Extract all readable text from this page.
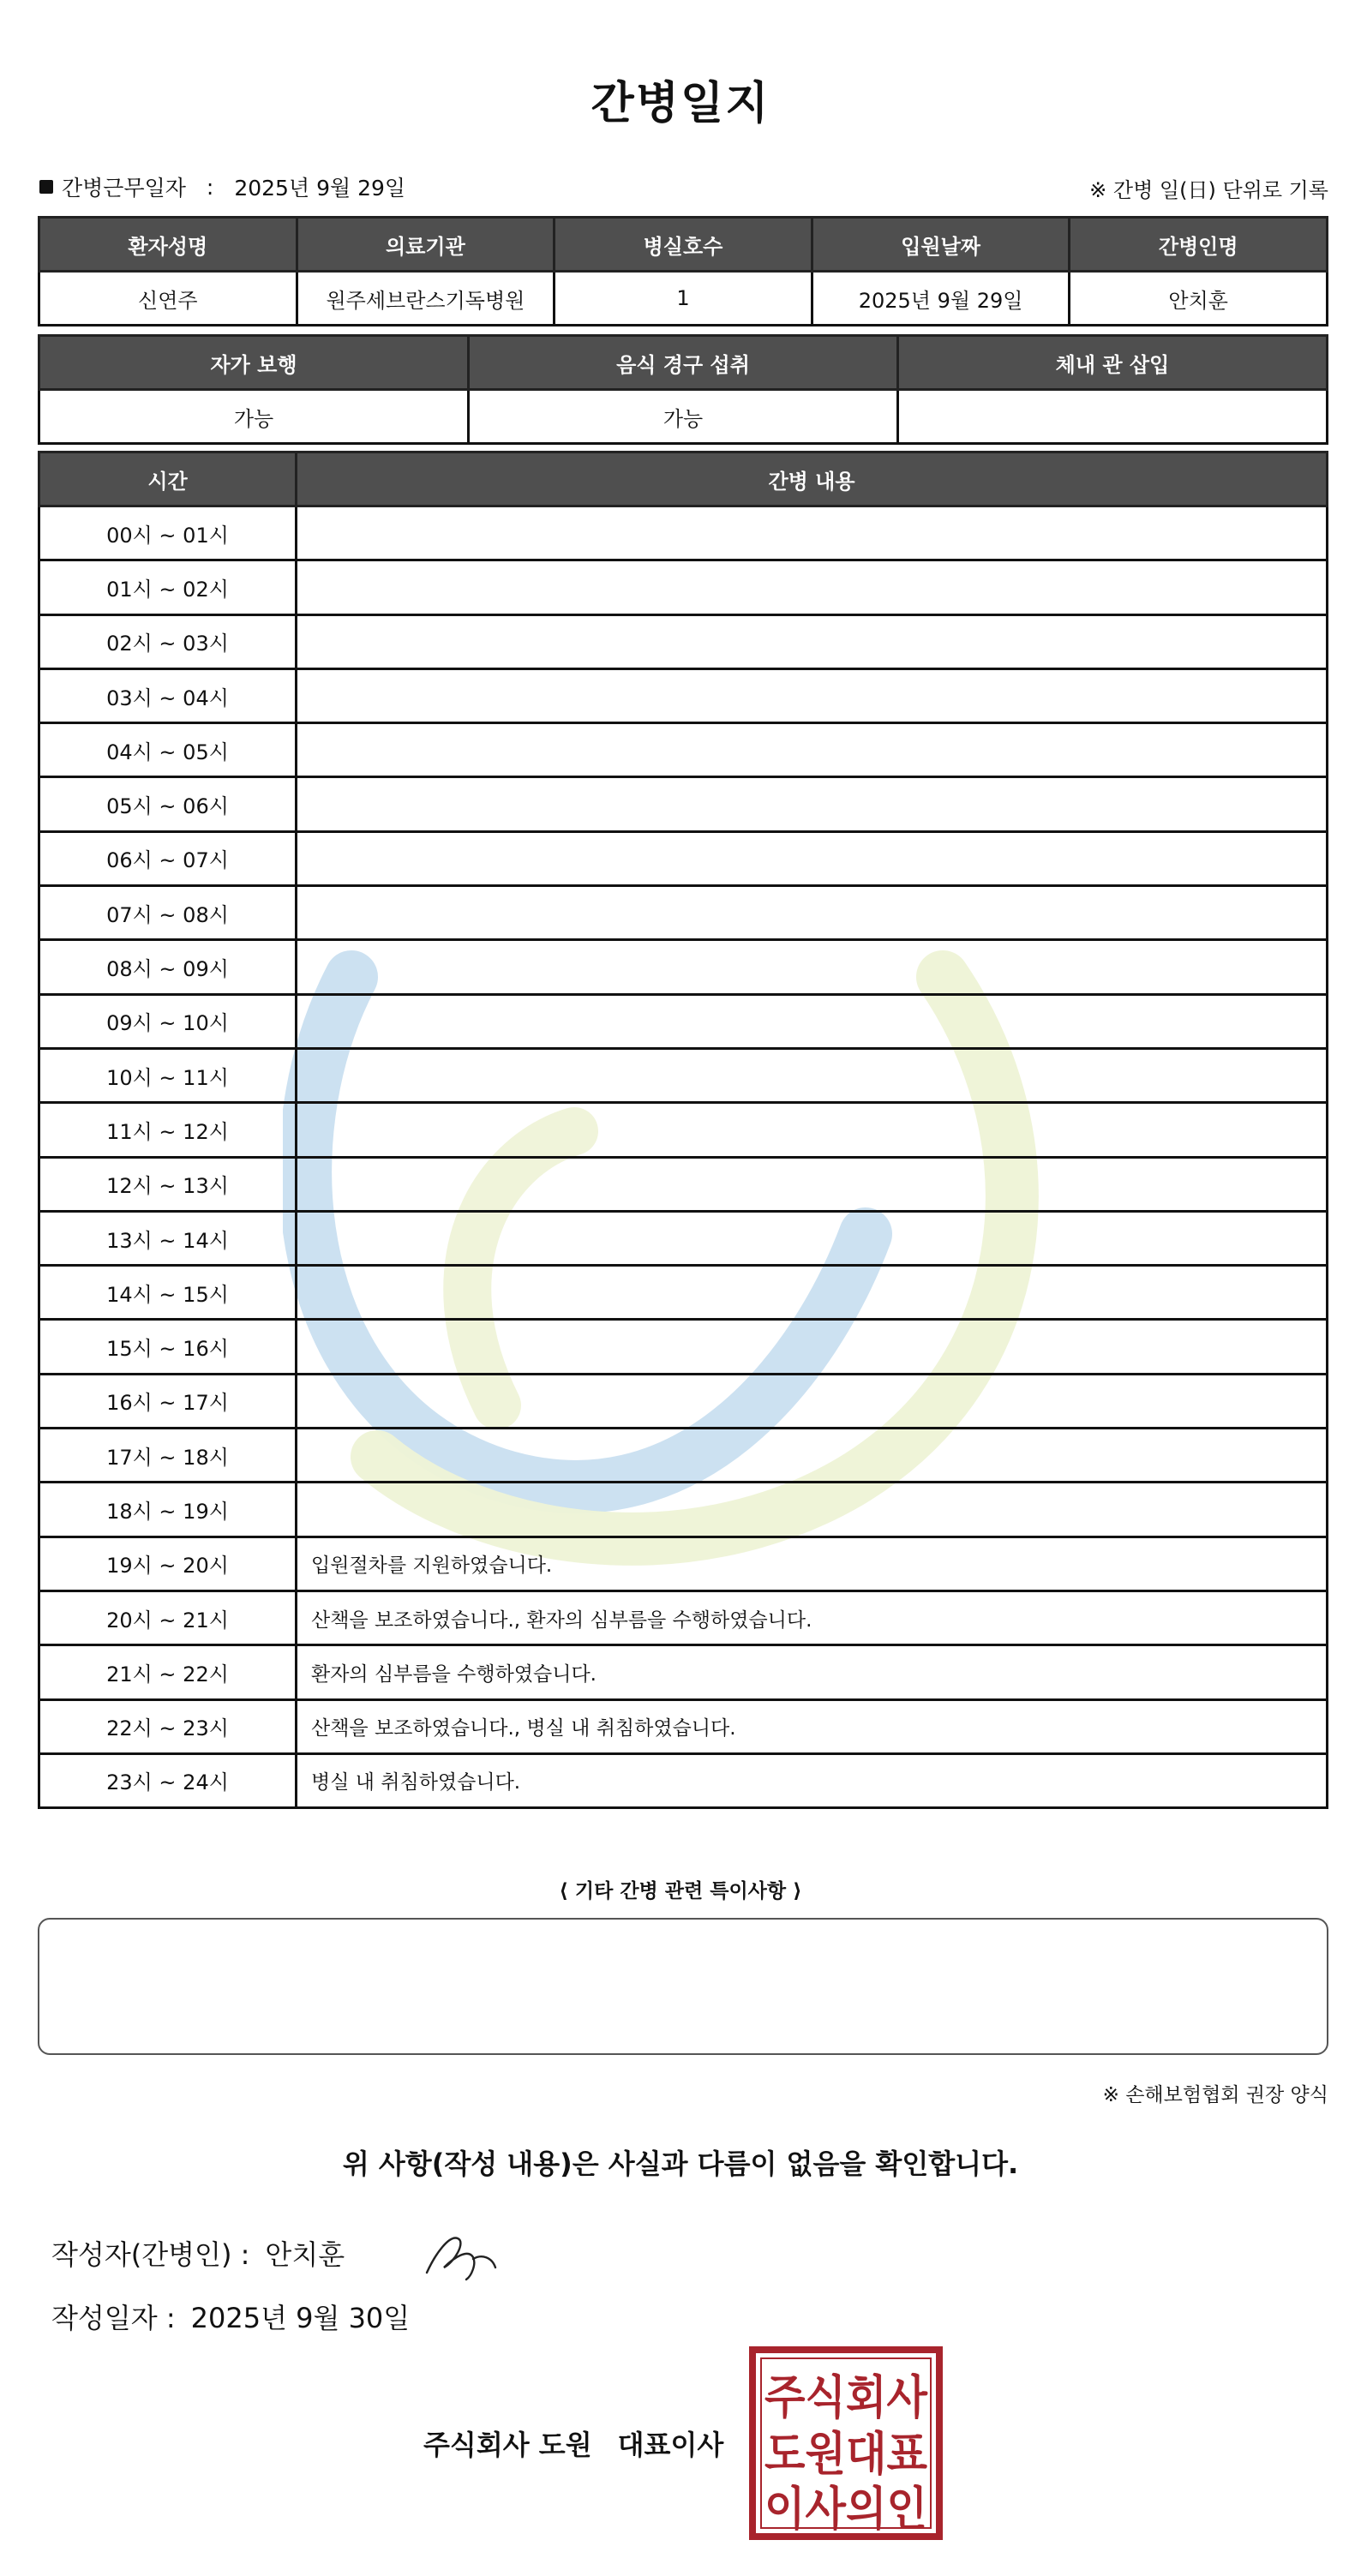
간병일지
간병근무일자 : 2025년 9월 29일	※ 간병 일(日) 단위로 기록
환자성명	의료기관	병실호수	입원날짜	간병인명
신연주	원주세브란스기독병원	1	2025년 9월 29일	안치훈
자가 보행	음식 경구 섭취	체내 관 삽입
가능	가능	
시간	간병 내용
00시 ~ 01시	
01시 ~ 02시	
02시 ~ 03시	
03시 ~ 04시	
04시 ~ 05시	
05시 ~ 06시	
06시 ~ 07시	
07시 ~ 08시	
08시 ~ 09시	
09시 ~ 10시	
10시 ~ 11시	
11시 ~ 12시	
12시 ~ 13시	
13시 ~ 14시	
14시 ~ 15시	
15시 ~ 16시	
16시 ~ 17시	
17시 ~ 18시	
18시 ~ 19시	
19시 ~ 20시	입원절차를 지원하였습니다.
20시 ~ 21시	산책을 보조하였습니다., 환자의 심부름을 수행하였습니다.
21시 ~ 22시	환자의 심부름을 수행하였습니다.
22시 ~ 23시	산책을 보조하였습니다., 병실 내 취침하였습니다.
23시 ~ 24시	병실 내 취침하였습니다.
⟨ 기타 간병 관련 특이사항 ⟩
※ 손해보험협회 권장 양식
위 사항(작성 내용)은 사실과 다름이 없음을 확인합니다.
작성자(간병인) : 안치훈
작성일자 : 2025년 9월 30일
주식회사 도원 대표이사
주식회사
도원대표
이사의인
